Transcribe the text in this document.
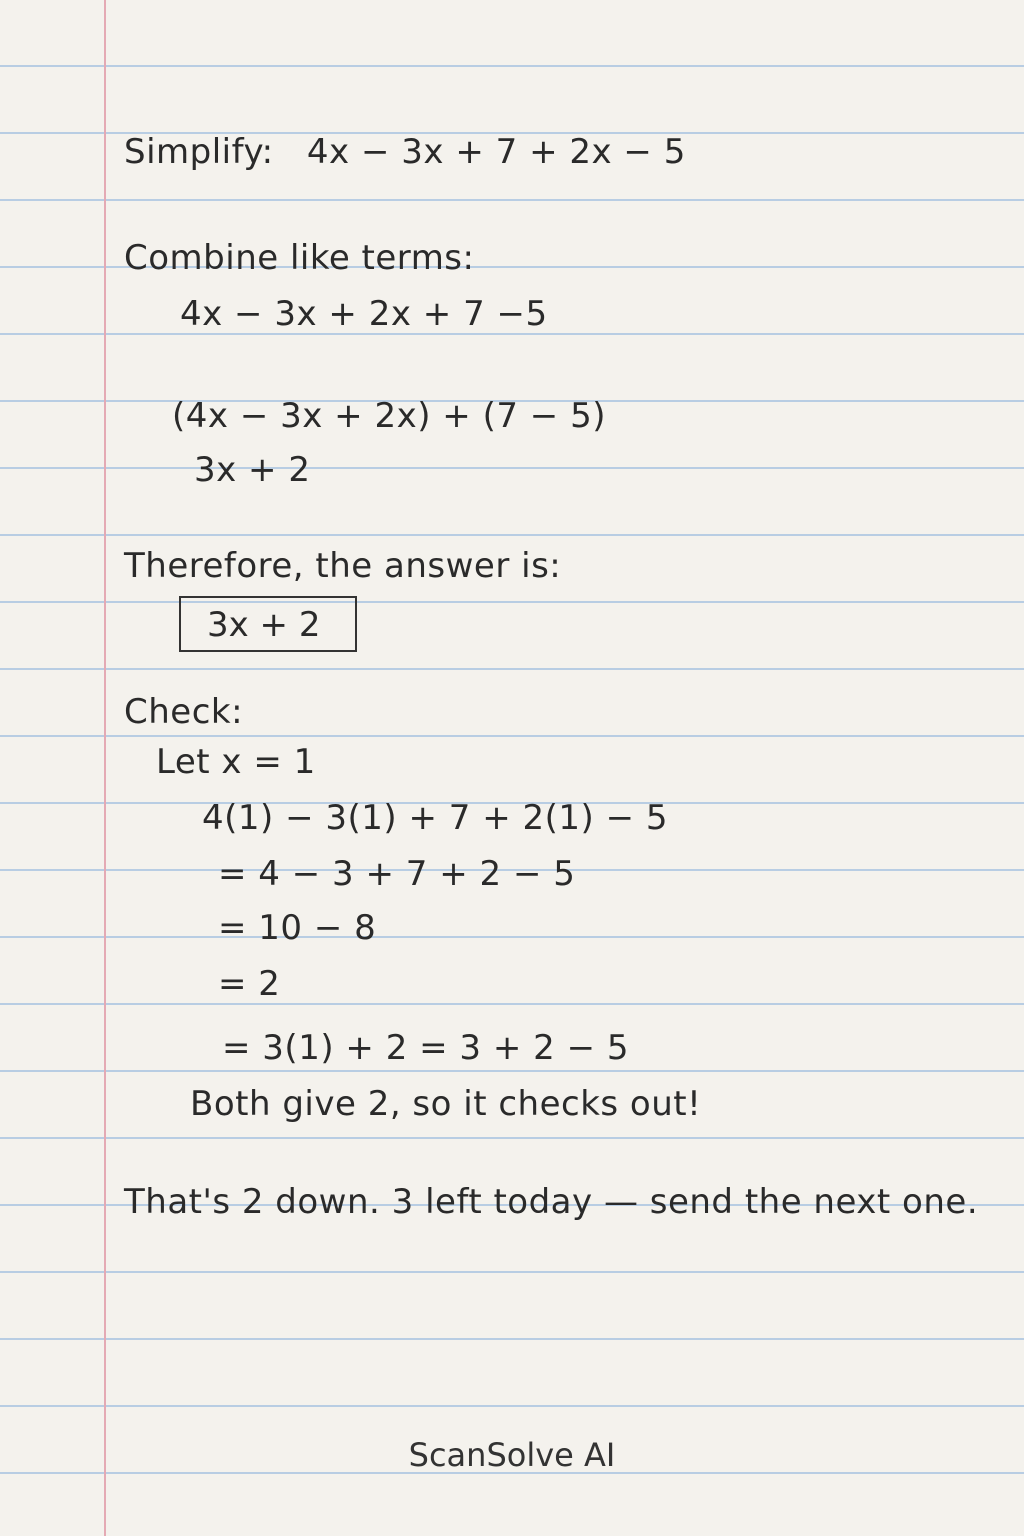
Simplify: 4x − 3x + 7 + 2x − 5
Combine like terms:
4x − 3x + 2x + 7 −5
(4x − 3x + 2x) + (7 − 5)
3x + 2
Therefore, the answer is:
3x + 2
Check:
Let x = 1
4(1) − 3(1) + 7 + 2(1) − 5
= 4 − 3 + 7 + 2 − 5
= 10 − 8
= 2
= 3(1) + 2 = 3 + 2 − 5
Both give 2, so it checks out!
That's 2 down. 3 left today — send the next one.
ScanSolve AI
